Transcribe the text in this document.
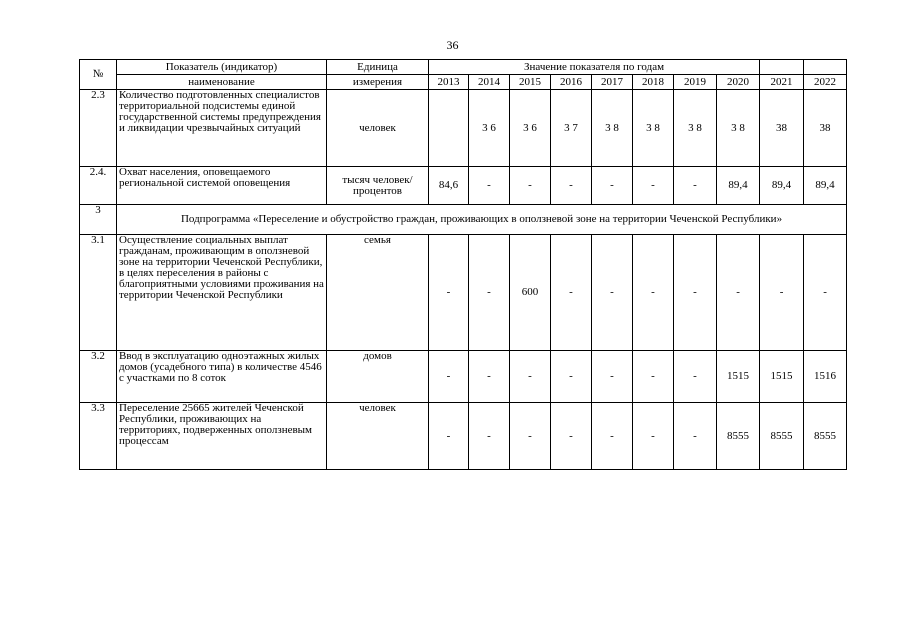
36
№	Показатель (индикатор)	Единица	Значение показателя по годам									
	наименование	измерения	2013	2014	2015	2016	2017	2018	2019	2020	2021	2022
2.3	Количество подготовленных специалистов территориальной подсистемы единой государственной системы предупреждения и ликвидации чрезвычайных ситуаций	человек		3 6	3 6	3 7	3 8	3 8	3 8	3 8	38	38
2.4.	Охват населения, оповещаемого региональной системой оповещения	тысяч человек/ процентов	84,6	-	-	-	-	-	-	89,4	89,4	89,4
3	Подпрограмма «Переселение и обустройство граждан, проживающих в оползневой зоне на территории Чеченской Республики»											
3.1	Осуществление социальных выплат гражданам, проживающим в оползневой зоне на территории Чеченской Республики, в целях переселения в районы с благоприятными условиями проживания на территории Чеченской Республики	семья	-	-	600	-	-	-	-	-	-	-
3.2	Ввод в эксплуатацию одноэтажных жилых домов (усадебного типа) в количестве 4546 с участками по 8 соток	домов	-	-	-	-	-	-	-	1515	1515	1516
3.3	Переселение 25665 жителей Чеченской Республики, проживающих на территориях, подверженных оползневым процессам	человек	-	-	-	-	-	-	-	8555	8555	8555
